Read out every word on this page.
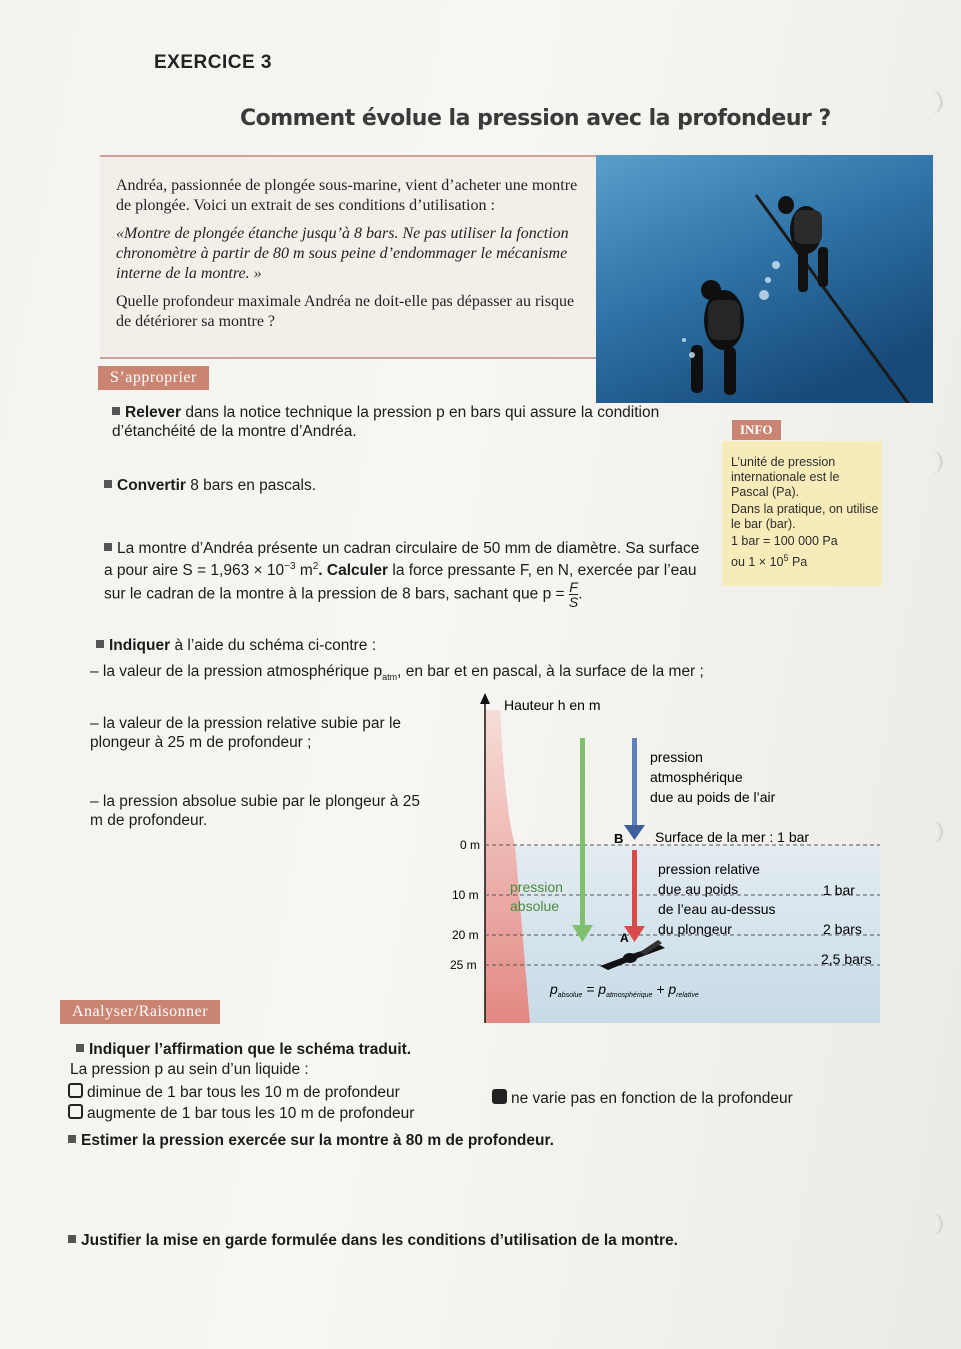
EXERCICE 3
Comment évolue la pression avec la profondeur ?

Andréa, passionnée de plongée sous-marine, vient d’acheter une montre de plongée. Voici un extrait de ses conditions d’utilisation :

«Montre de plongée étanche jusqu’à 8 bars. Ne pas utiliser la fonction chronomètre à partir de 80 m sous peine d’endommager le mécanisme interne de la montre. »

Quelle profondeur maximale Andréa ne doit-elle pas dépasser au risque de détériorer sa montre ?

S’approprier
Relever dans la notice technique la pression p en bars qui assure la condition d’étanchéité de la montre d’Andréa.
Convertir 8 bars en pascals.
La montre d’Andréa présente un cadran circulaire de 50 mm de diamètre. Sa surface a pour aire $S = 1,963 \times 10^{-3}$ $m^2$. Calculer la force pressante F, en N, exercée par l’eau sur le cadran de la montre à la pression de 8 bars, sachant que $p = \frac{F}{S}$ .
INFO

L’unité de pression internationale est le Pascal (Pa).

Dans la pratique, on utilise le bar (bar).

1 bar = 100 000 Pa

ou $1 \times 10^5$ Pa

Indiquer à l’aide du schéma ci-contre :
– la valeur de la pression atmosphérique $p_{atm}$, en bar et en pascal, à la surface de la mer ;
– la valeur de la pression relative subie par le plongeur à 25 m de profondeur ;
– la pression absolue subie par le plongeur à 25 m de profondeur.
Hauteur h en m
0 m
10 m
20 m
25 m
pression
absolue
pression
atmosphérique
due au poids de l’air
B Surface de la mer : 1 bar
pression relative
due au poids
de l’eau au-dessus
du plongeur
A
1 bar
2 bars
2,5 bars
$p_{absolue} = p_{atmosphérique} + p_{relative}$
Analyser/Raisonner
Indiquer l’affirmation que le schéma traduit.
La pression p au sein d’un liquide :
diminue de 1 bar tous les 10 m de profondeur
augmente de 1 bar tous les 10 m de profondeur
ne varie pas en fonction de la profondeur
Estimer la pression exercée sur la montre à 80 m de profondeur.
Justifier la mise en garde formulée dans les conditions d’utilisation de la montre.
